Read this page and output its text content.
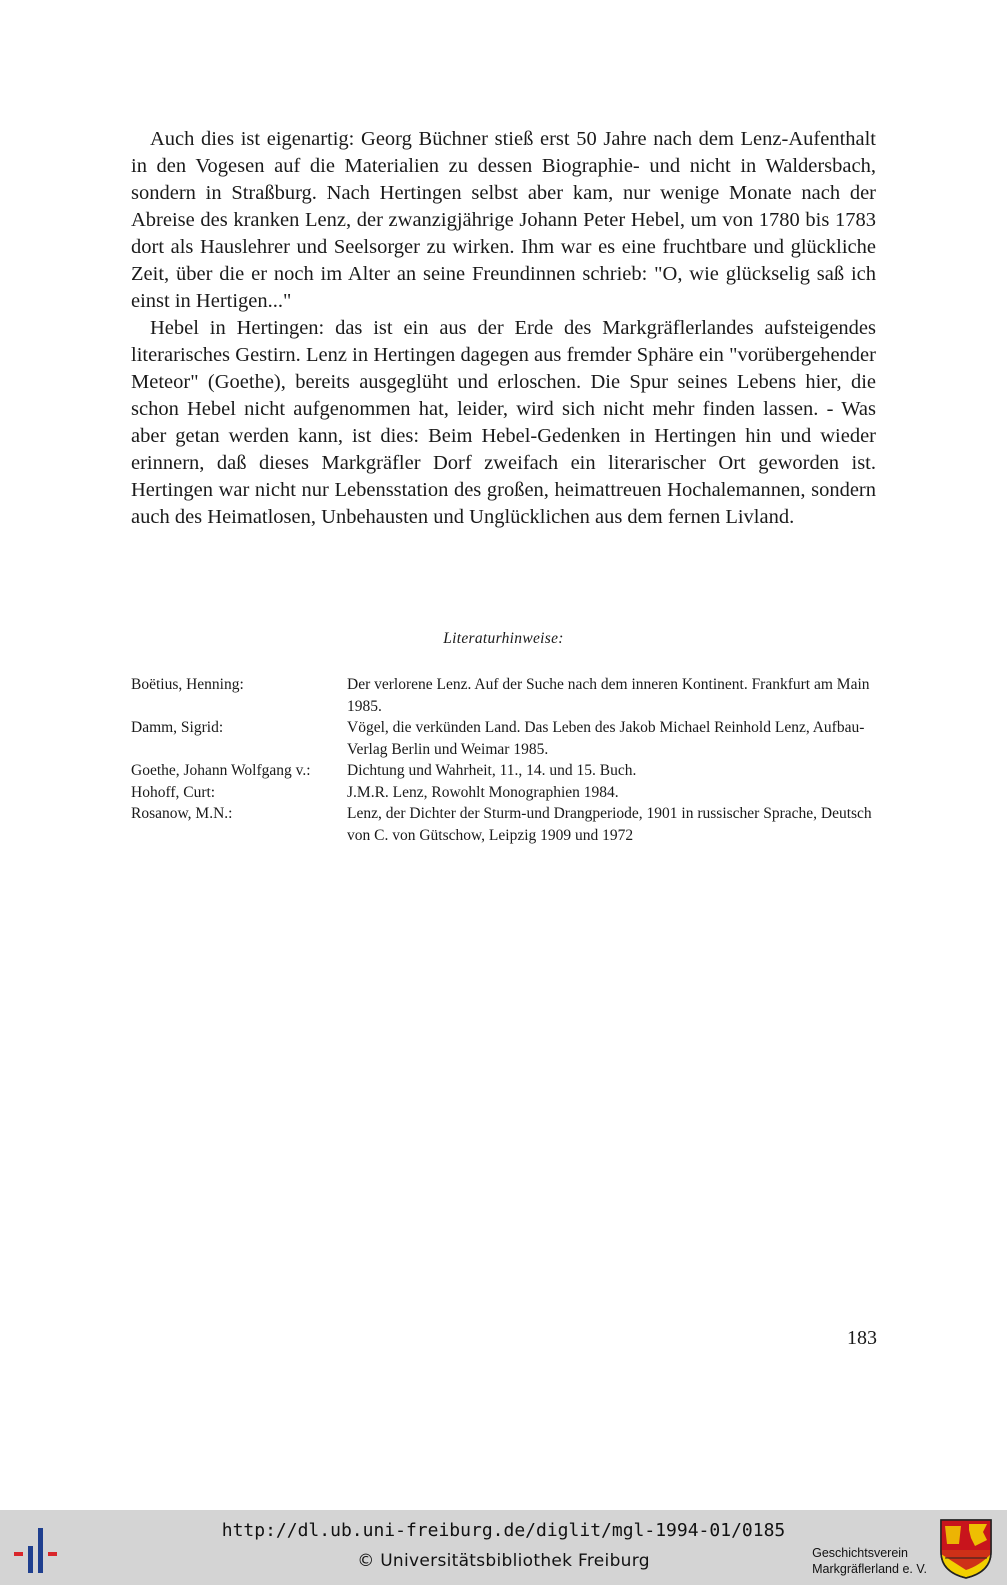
Auch dies ist eigenartig: Georg Büchner stieß erst 50 Jahre nach dem Lenz-Aufenthalt in den Vogesen auf die Materialien zu dessen Biographie- und nicht in Waldersbach, sondern in Straßburg. Nach Hertingen selbst aber kam, nur wenige Monate nach der Abreise des kranken Lenz, der zwanzigjährige Johann Peter Hebel, um von 1780 bis 1783 dort als Hauslehrer und Seelsorger zu wirken. Ihm war es eine fruchtbare und glückliche Zeit, über die er noch im Alter an seine Freundinnen schrieb: "O, wie glückselig saß ich einst in Hertigen..."

Hebel in Hertingen: das ist ein aus der Erde des Markgräflerlandes aufsteigendes literarisches Gestirn. Lenz in Hertingen dagegen aus fremder Sphäre ein "vorübergehender Meteor" (Goethe), bereits ausgeglüht und erloschen. Die Spur seines Lebens hier, die schon Hebel nicht aufgenommen hat, leider, wird sich nicht mehr finden lassen. - Was aber getan werden kann, ist dies: Beim Hebel-Gedenken in Hertingen hin und wieder erinnern, daß dieses Markgräfler Dorf zweifach ein literarischer Ort geworden ist. Hertingen war nicht nur Lebensstation des großen, heimattreuen Hochalemannen, sondern auch des Heimatlosen, Unbehausten und Unglücklichen aus dem fernen Livland.

Literaturhinweise:
Boëtius, Henning:	Der verlorene Lenz. Auf der Suche nach dem inneren Kontinent. Frankfurt am Main 1985.
Damm, Sigrid:	Vögel, die verkünden Land. Das Leben des Jakob Michael Reinhold Lenz, Aufbau-Verlag Berlin und Weimar 1985.
Goethe, Johann Wolfgang v.:	Dichtung und Wahrheit, 11., 14. und 15. Buch.
Hohoff, Curt:	J.M.R. Lenz, Rowohlt Monographien 1984.
Rosanow, M.N.:	Lenz, der Dichter der Sturm-und Drangperiode, 1901 in russischer Sprache, Deutsch von C. von Gütschow, Leipzig 1909 und 1972
183
http://dl.ub.uni-freiburg.de/diglit/mgl-1994-01/0185
© Universitätsbibliothek Freiburg	Geschichtsverein
Markgräflerland e. V.
